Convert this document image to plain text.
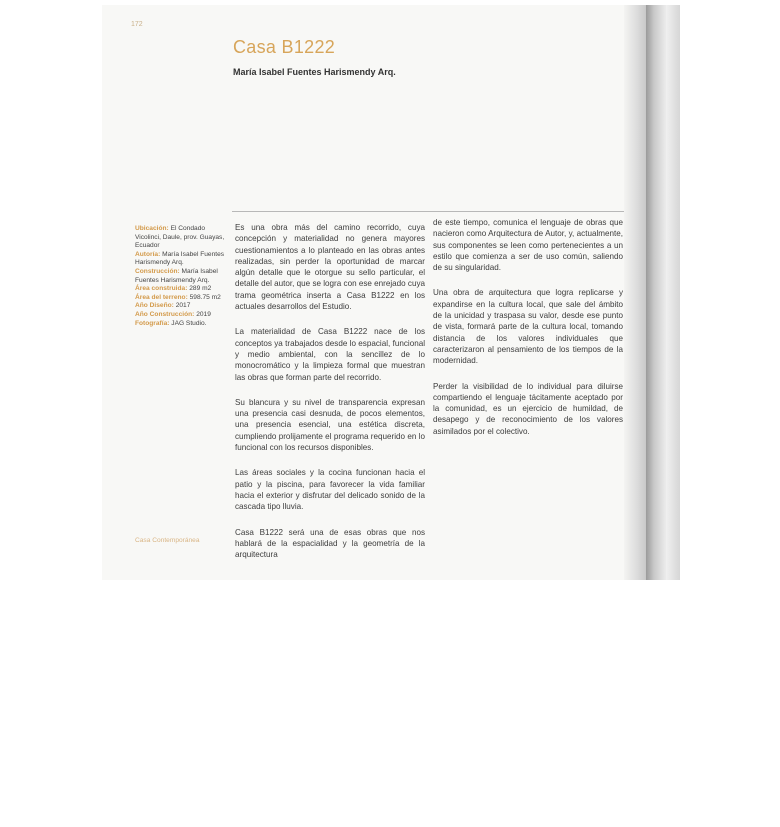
172
Casa B1222
María Isabel Fuentes Harismendy Arq.
Ubicación: El Condado Vicolinci, Daule, prov. Guayas, Ecuador
Autoría: María Isabel Fuentes Harismendy Arq.
Construcción: María Isabel Fuentes Harismendy Arq.
Área construida: 289 m2
Área del terreno: 598.75 m2
Año Diseño: 2017
Año Construcción: 2019
Fotografía: JAG Studio.

Es una obra más del camino recorrido, cuya concepción y materialidad no genera mayores cuestionamientos a lo planteado en las obras antes realizadas, sin perder la oportunidad de marcar algún detalle que le otorgue su sello particular, el detalle del autor, que se logra con ese enrejado cuya trama geométrica inserta a Casa B1222 en los actuales desarrollos del Estudio.

La materialidad de Casa B1222 nace de los conceptos ya trabajados desde lo espacial, funcional y medio ambiental, con la sencillez de lo monocromático y la limpieza formal que muestran las obras que forman parte del recorrido.

Su blancura y su nivel de transparencia expresan una presencia casi desnuda, de pocos elementos, una presencia esencial, una estética discreta, cumpliendo prolijamente el programa requerido en lo funcional con los recursos disponibles.

Las áreas sociales y la cocina funcionan hacia el patio y la piscina, para favorecer la vida familiar hacia el exterior y disfrutar del delicado sonido de la cascada tipo lluvia.

Casa B1222 será una de esas obras que nos hablará de la espacialidad y la geometría de la arquitectura

de este tiempo, comunica el lenguaje de obras que nacieron como Arquitectura de Autor, y, actualmente, sus componentes se leen como pertenecientes a un estilo que comienza a ser de uso común, saliendo de su singularidad.

Una obra de arquitectura que logra replicarse y expandirse en la cultura local, que sale del ámbito de la unicidad y traspasa su valor, desde ese punto de vista, formará parte de la cultura local, tomando distancia de los valores individuales que caracterizaron al pensamiento de los tiempos de la modernidad.

Perder la visibilidad de lo individual para diluirse compartiendo el lenguaje tácitamente aceptado por la comunidad, es un ejercicio de humildad, de desapego y de reconocimiento de los valores asimilados por el colectivo.

Casa Contemporánea
